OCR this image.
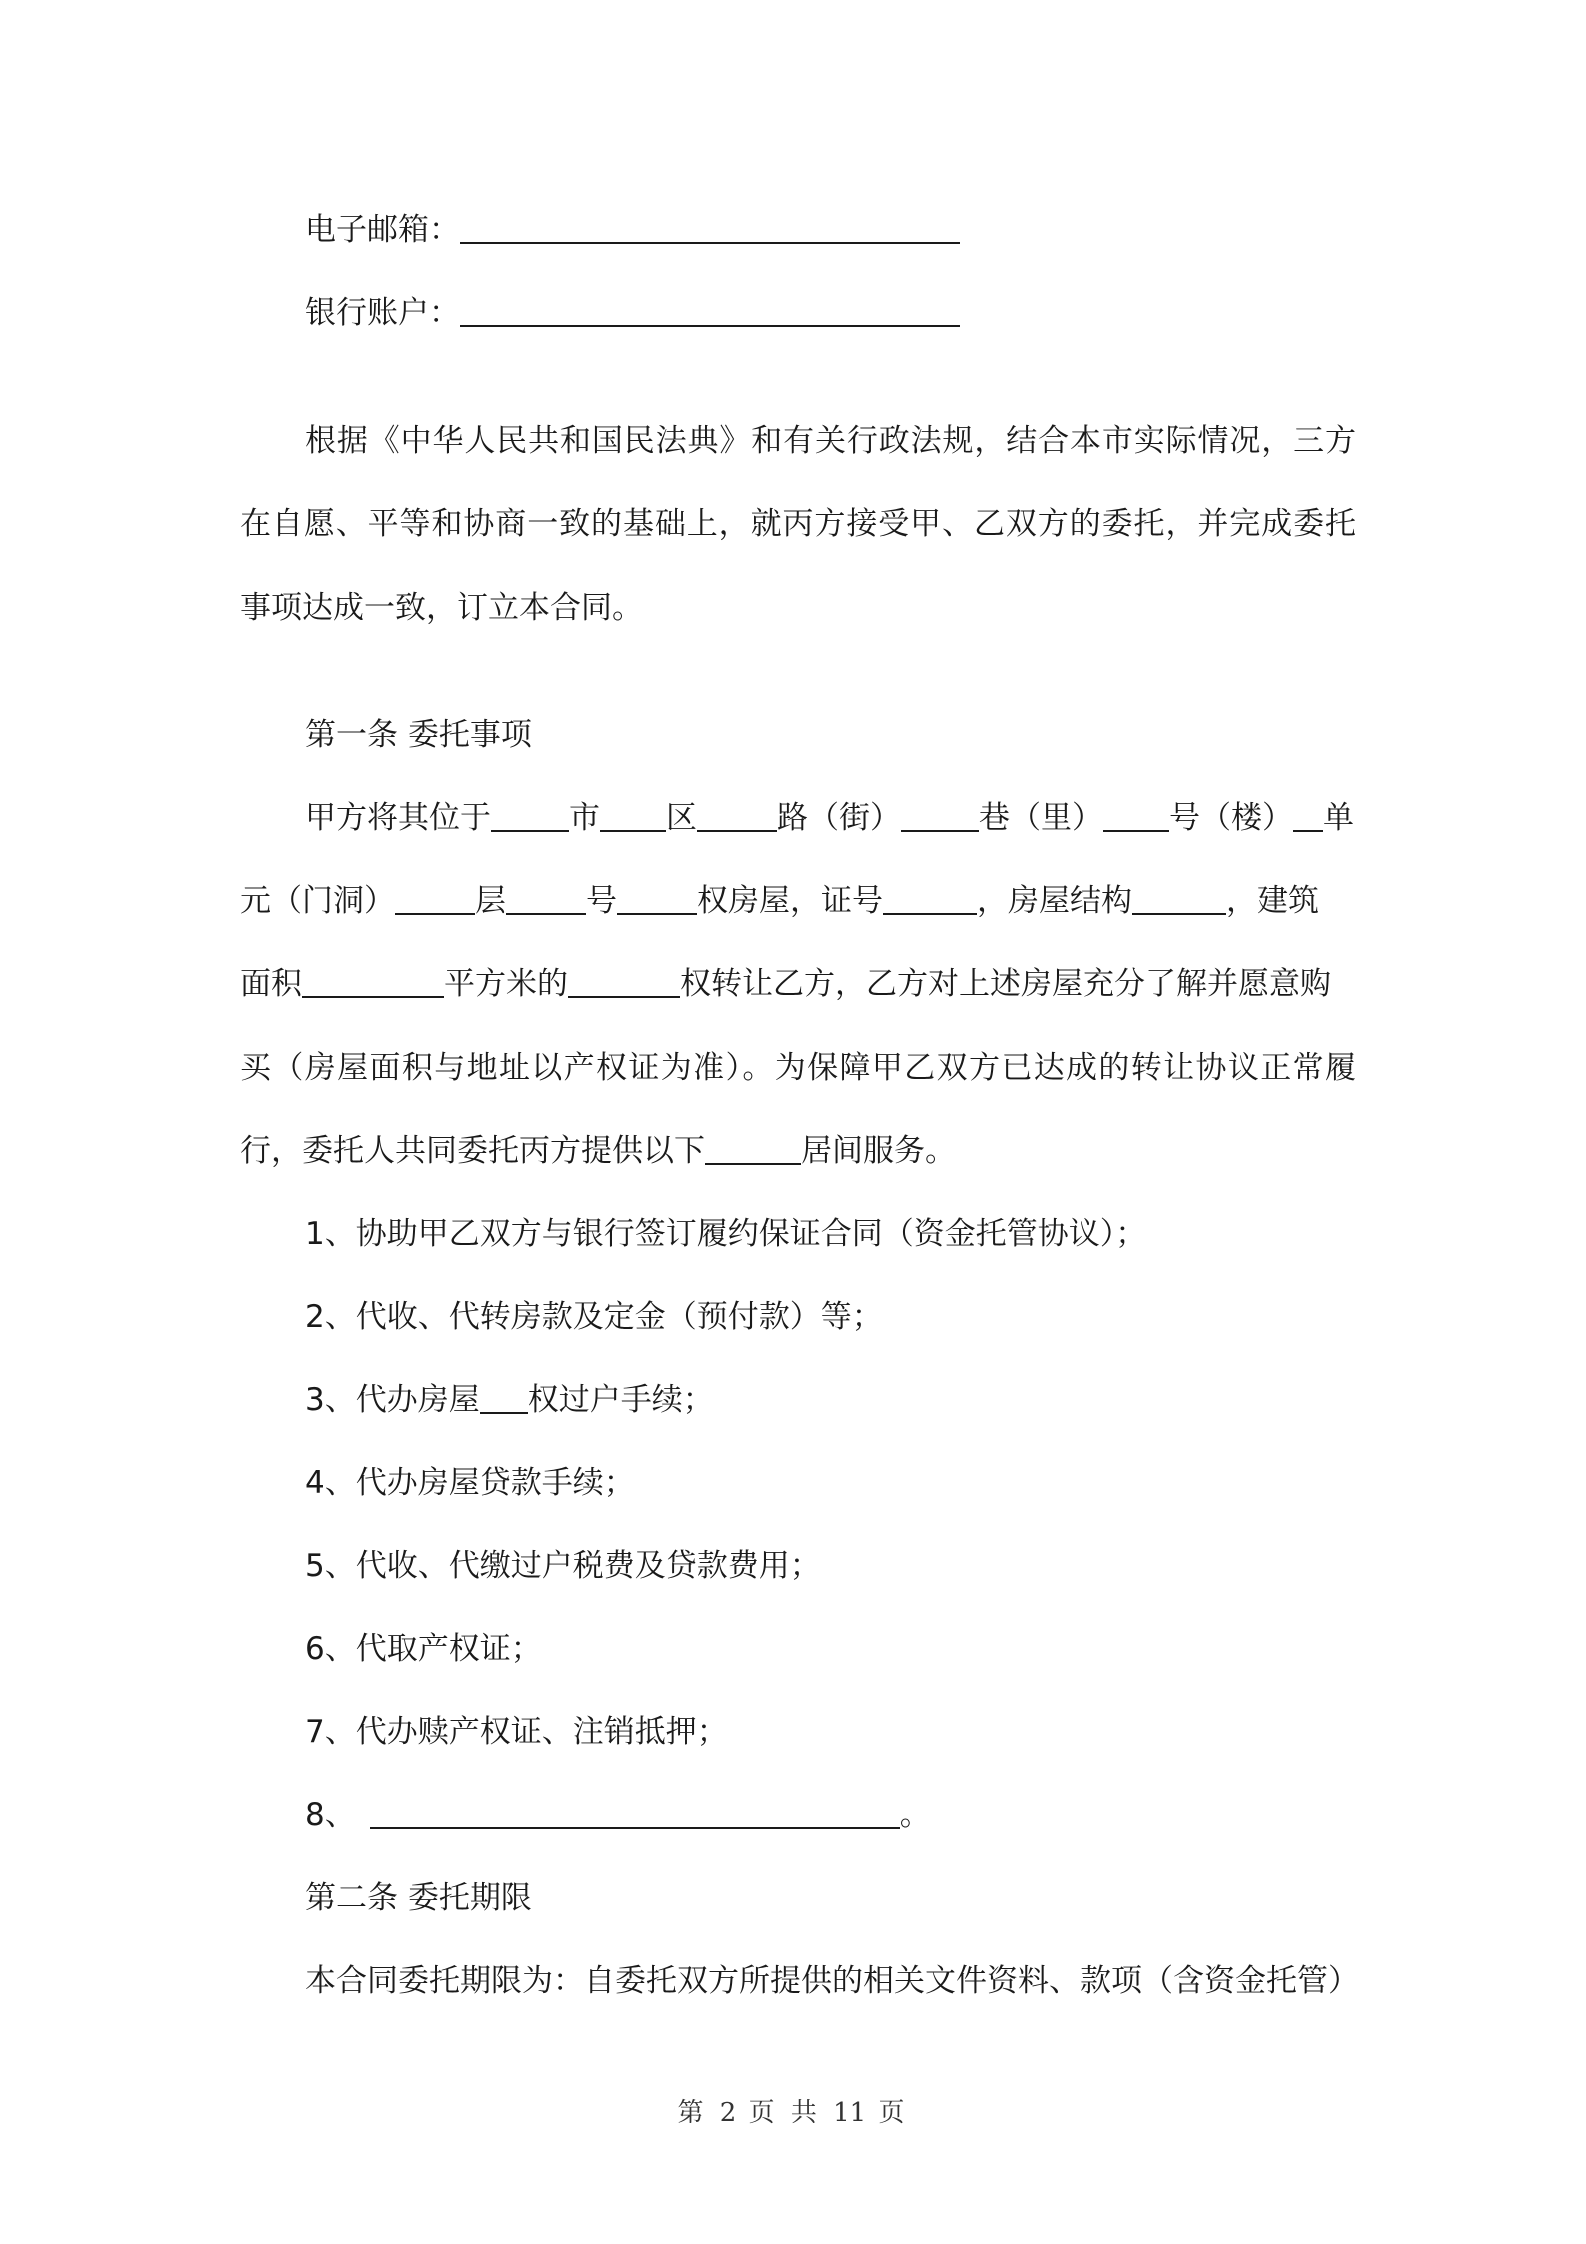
电子邮箱：
银行账户：
根据《中华人民共和国民法典》和有关行政法规，结合本市实际情况，三方
在自愿、平等和协商一致的基础上，就丙方接受甲、乙双方的委托，并完成委托
事项达成一致，订立本合同。
第一条 委托事项
甲方将其位于	市 区	路（街）	巷（里） 号（楼） 单
元（门洞）	层	号	权房屋，证号	，房屋结构	，建筑
面积	平方米的	权转让乙方，乙方对上述房屋充分了解并愿意购
买（房屋面积与地址以产权证为准）。为保障甲乙双方已达成的转让协议正常履
行，委托人共同委托丙方提供以下	居间服务。
1、协助甲乙双方与银行签订履约保证合同（资金托管协议）；
2、代收、代转房款及定金（预付款）等；
3、代办房屋 权过户手续；
4、代办房屋贷款手续；
5、代收、代缴过户税费及贷款费用；
6、代取产权证；
7、代办赎产权证、注销抵押；
8、	。
第二条 委托期限
本合同委托期限为：自委托双方所提供的相关文件资料、款项（含资金托管）
第 2 页 共 11 页
